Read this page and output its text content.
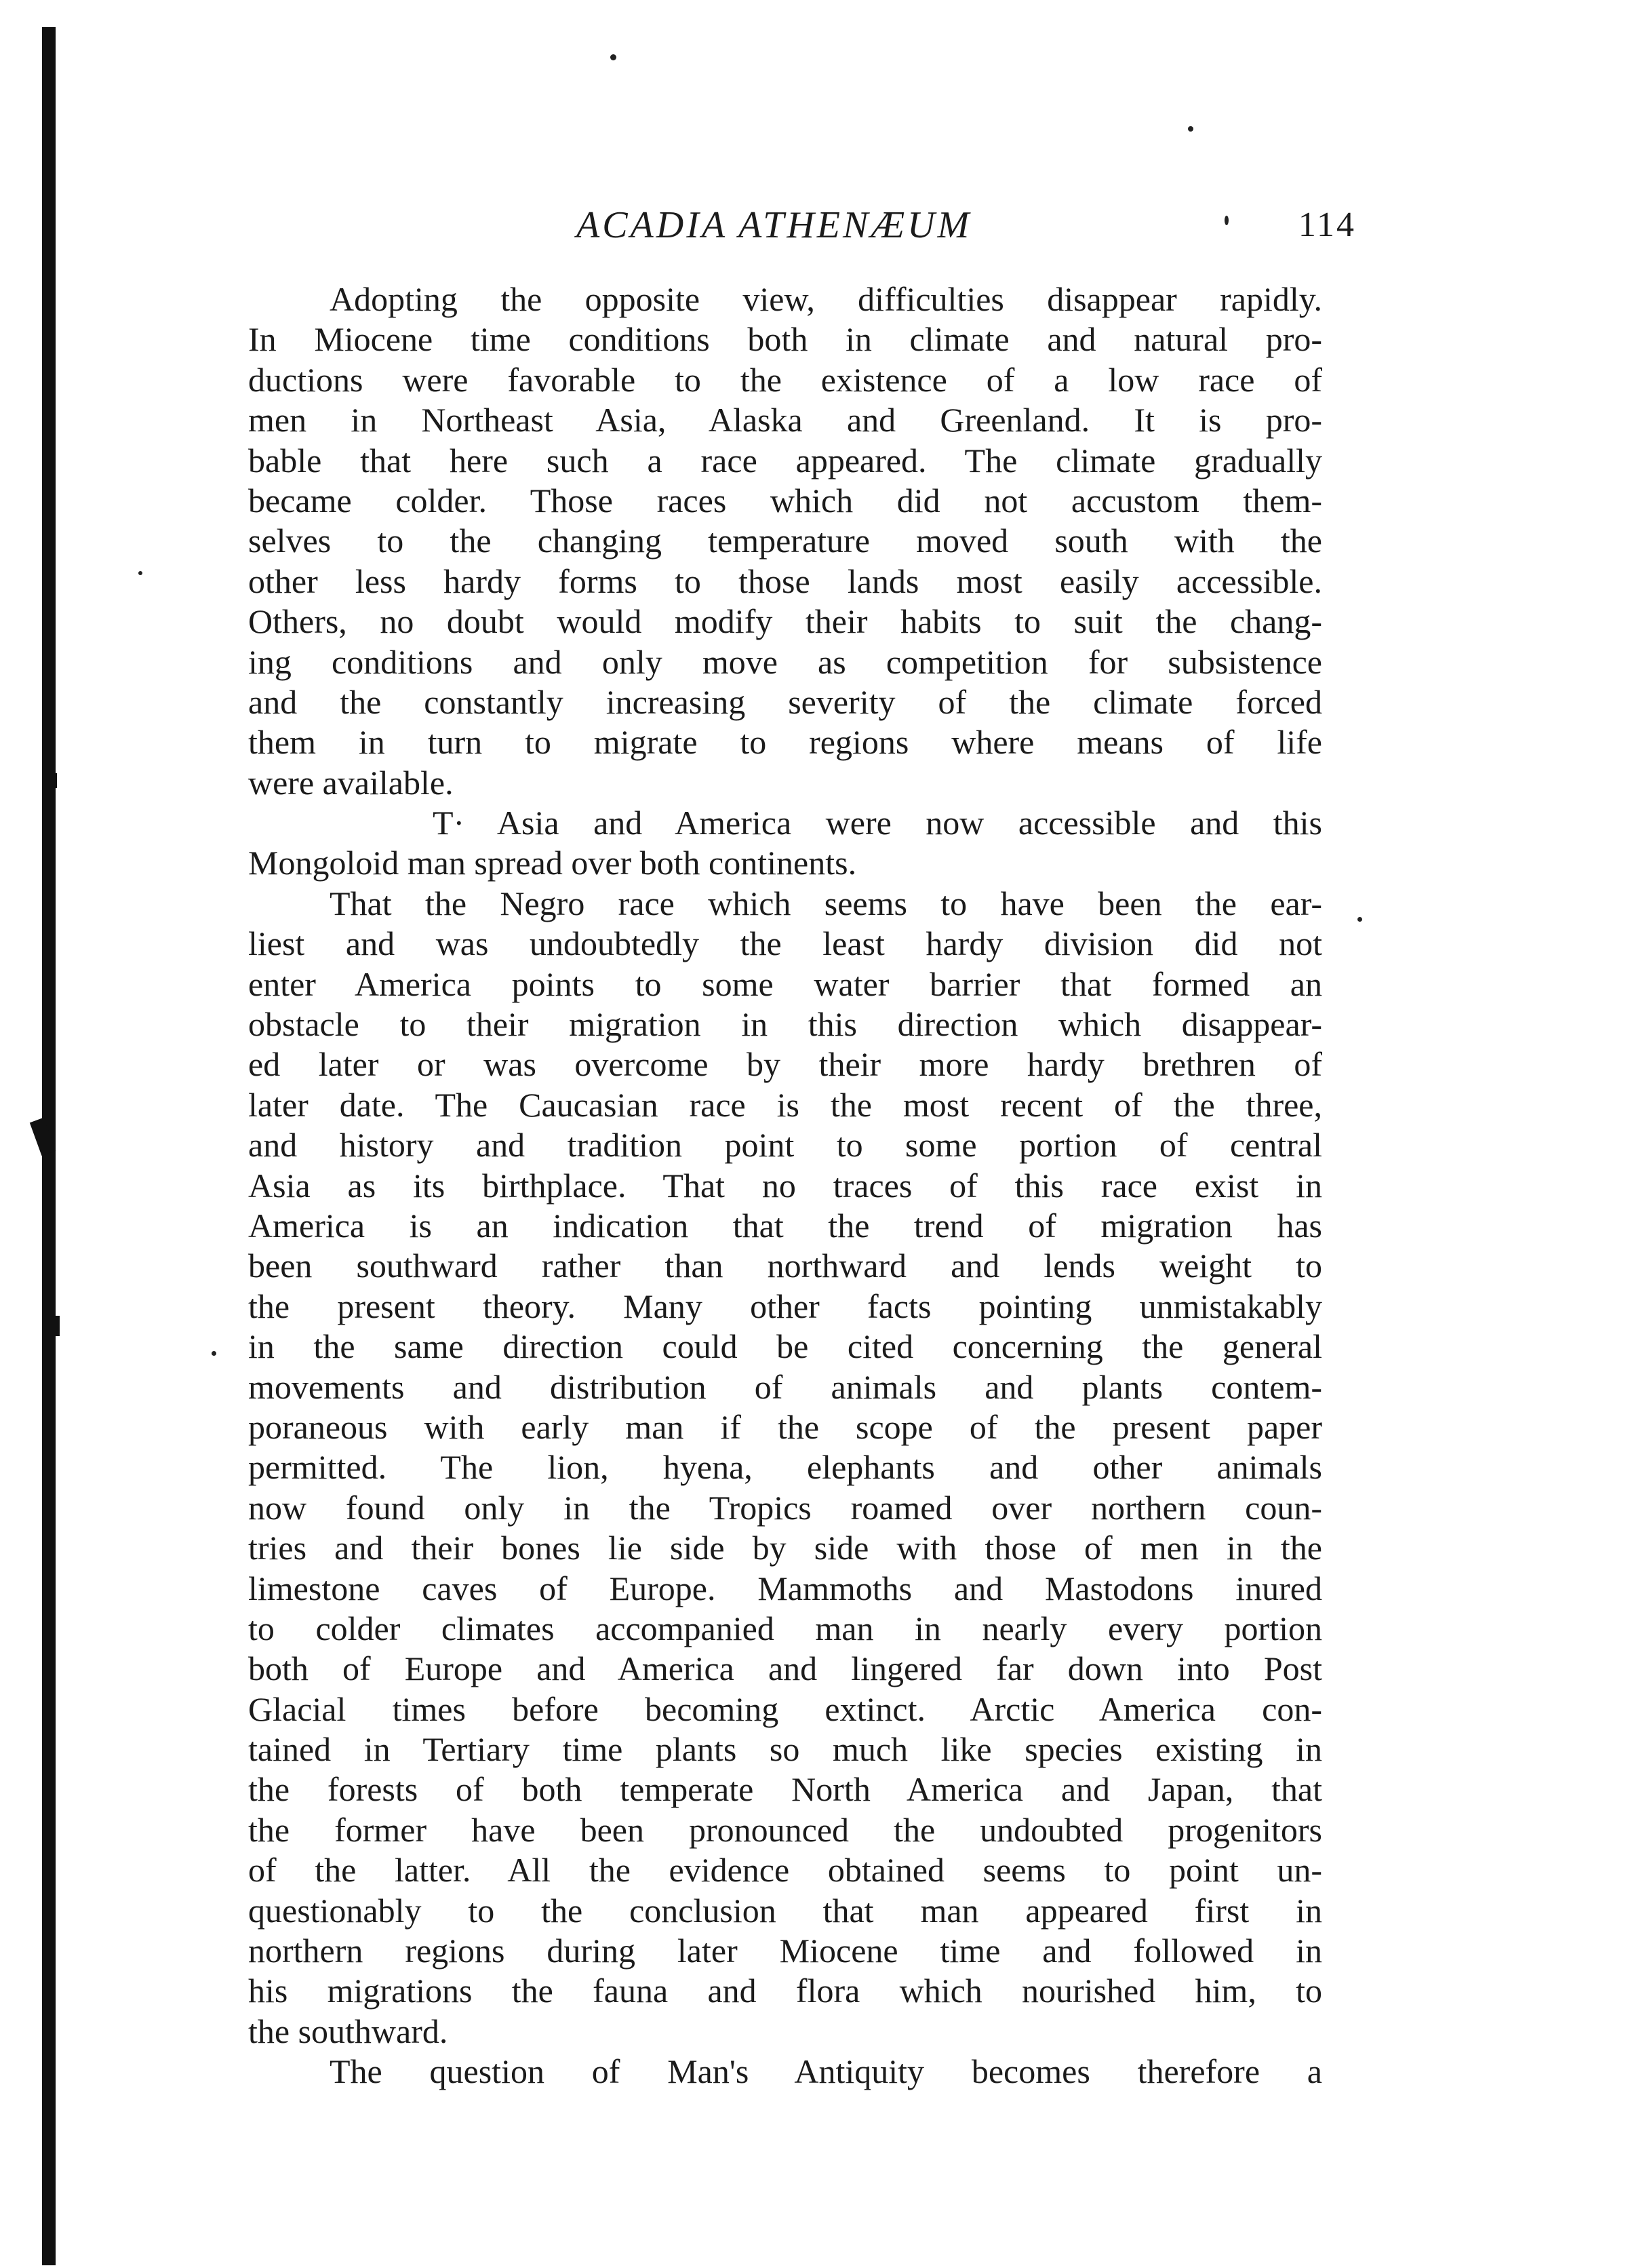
ACADIA ATHENÆUM	114
Adopting the opposite view, difficulties disappear rapidly.
In Miocene time conditions both in climate and natural pro-
ductions were favorable to the existence of a low race of
men in Northeast Asia, Alaska and Greenland. It is pro-
bable that here such a race appeared. The climate gradually
became colder. Those races which did not accustom them-
selves to the changing temperature moved south with the
other less hardy forms to those lands most easily accessible.
Others, no doubt would modify their habits to suit the chang-
ing conditions and only move as competition for subsistence
and the constantly increasing severity of the climate forced
them in turn to migrate to regions where means of life
were available.
T· Asia and America were now accessible and this
Mongoloid man spread over both continents.
That the Negro race which seems to have been the ear-
liest and was undoubtedly the least hardy division did not
enter America points to some water barrier that formed an
obstacle to their migration in this direction which disappear-
ed later or was overcome by their more hardy brethren of
later date. The Caucasian race is the most recent of the three,
and history and tradition point to some portion of central
Asia as its birthplace. That no traces of this race exist in
America is an indication that the trend of migration has
been southward rather than northward and lends weight to
the present theory. Many other facts pointing unmistakably
in the same direction could be cited concerning the general
movements and distribution of animals and plants contem-
poraneous with early man if the scope of the present paper
permitted. The lion, hyena, elephants and other animals
now found only in the Tropics roamed over northern coun-
tries and their bones lie side by side with those of men in the
limestone caves of Europe. Mammoths and Mastodons inured
to colder climates accompanied man in nearly every portion
both of Europe and America and lingered far down into Post
Glacial times before becoming extinct. Arctic America con-
tained in Tertiary time plants so much like species existing in
the forests of both temperate North America and Japan, that
the former have been pronounced the undoubted progenitors
of the latter. All the evidence obtained seems to point un-
questionably to the conclusion that man appeared first in
northern regions during later Miocene time and followed in
his migrations the fauna and flora which nourished him, to
the southward.
The question of Man's Antiquity becomes therefore a
